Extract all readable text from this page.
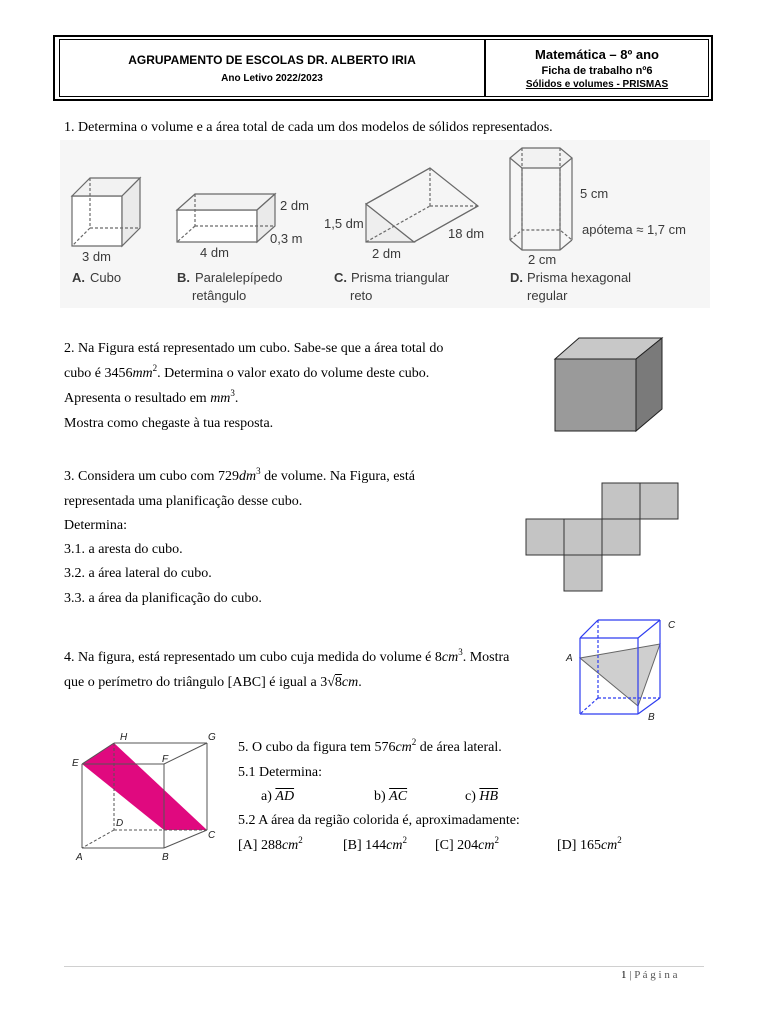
AGRUPAMENTO DE ESCOLAS DR. ALBERTO IRIA
Ano Letivo 2022/2023
Matemática – 8º ano
Ficha de trabalho nº6
Sólidos e volumes - PRISMAS
1. Determina o volume e a área total de cada um dos modelos de sólidos representados.
3 dm
A. Cubo
2 dm
0,3 m
4 dm
B. Paralelepípedo
retângulo
1,5 dm
18 dm
2 dm
C. Prisma triangular
reto
5 cm
apótema ≈ 1,7 cm
2 cm
D. Prisma hexagonal
regular
2. Na Figura está representado um cubo. Sabe-se que a área total do
cubo é $3456mm^2$. Determina o valor exato do volume deste cubo.
Apresenta o resultado em $mm^3$.
Mostra como chegaste à tua resposta.
3. Considera um cubo com $729dm^3$ de volume. Na Figura, está
representada uma planificação desse cubo.
Determina:
3.1. a aresta do cubo.
3.2. a área lateral do cubo.
3.3. a área da planificação do cubo.
4. Na figura, está representado um cubo cuja medida do volume é $8cm^3$. Mostra
que o perímetro do triângulo [ABC] é igual a 3√8cm.
A
B
C
H	G
E	F
D
C
A	B
5. O cubo da figura tem $576cm^2$ de área lateral.
5.1 Determina:
a) $\overline{AD}$	b) $\overline{AC}$	c) $\overline{HB}$
5.2 A área da região colorida é, aproximadamente:
[A] $288cm^2$	[B] $144cm^2$ [C] $204cm^2$	[D] $165cm^2$
1 | P á g i n a
